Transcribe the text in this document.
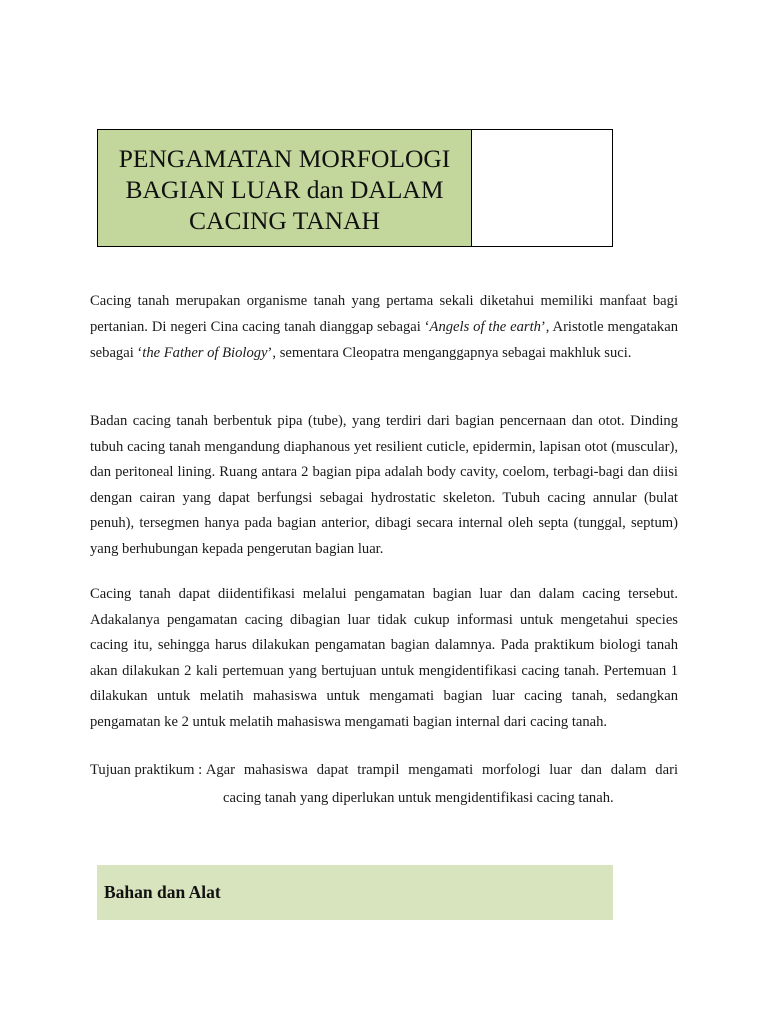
PENGAMATAN MORFOLOGI
BAGIAN LUAR dan DALAM
CACING TANAH

Cacing tanah merupakan organisme tanah yang pertama sekali diketahui memiliki manfaat bagi pertanian. Di negeri Cina cacing tanah dianggap sebagai ‘Angels of the earth’, Aristotle mengatakan sebagai ‘the Father of Biology’, sementara Cleopatra menganggapnya sebagai makhluk suci.

Badan cacing tanah berbentuk pipa (tube), yang terdiri dari bagian pencernaan dan otot. Dinding tubuh cacing tanah mengandung diaphanous yet resilient cuticle, epidermin, lapisan otot (muscular), dan peritoneal lining. Ruang antara 2 bagian pipa adalah body cavity, coelom, terbagi-bagi dan diisi dengan cairan yang dapat berfungsi sebagai hydrostatic skeleton. Tubuh cacing annular (bulat penuh), tersegmen hanya pada bagian anterior, dibagi secara internal oleh septa (tunggal, septum) yang berhubungan kepada pengerutan bagian luar.

Cacing tanah dapat diidentifikasi melalui pengamatan bagian luar dan dalam cacing tersebut. Adakalanya pengamatan cacing dibagian luar tidak cukup informasi untuk mengetahui species cacing itu, sehingga harus dilakukan pengamatan bagian dalamnya. Pada praktikum biologi tanah akan dilakukan 2 kali pertemuan yang bertujuan untuk mengidentifikasi cacing tanah. Pertemuan 1 dilakukan untuk melatih mahasiswa untuk mengamati bagian luar cacing tanah, sedangkan pengamatan ke 2 untuk melatih mahasiswa mengamati bagian internal dari cacing tanah.

Tujuan praktikum : Agar mahasiswa dapat trampil mengamati morfologi luar dan dalam dari
cacing tanah yang diperlukan untuk mengidentifikasi cacing tanah.
Bahan dan Alat
